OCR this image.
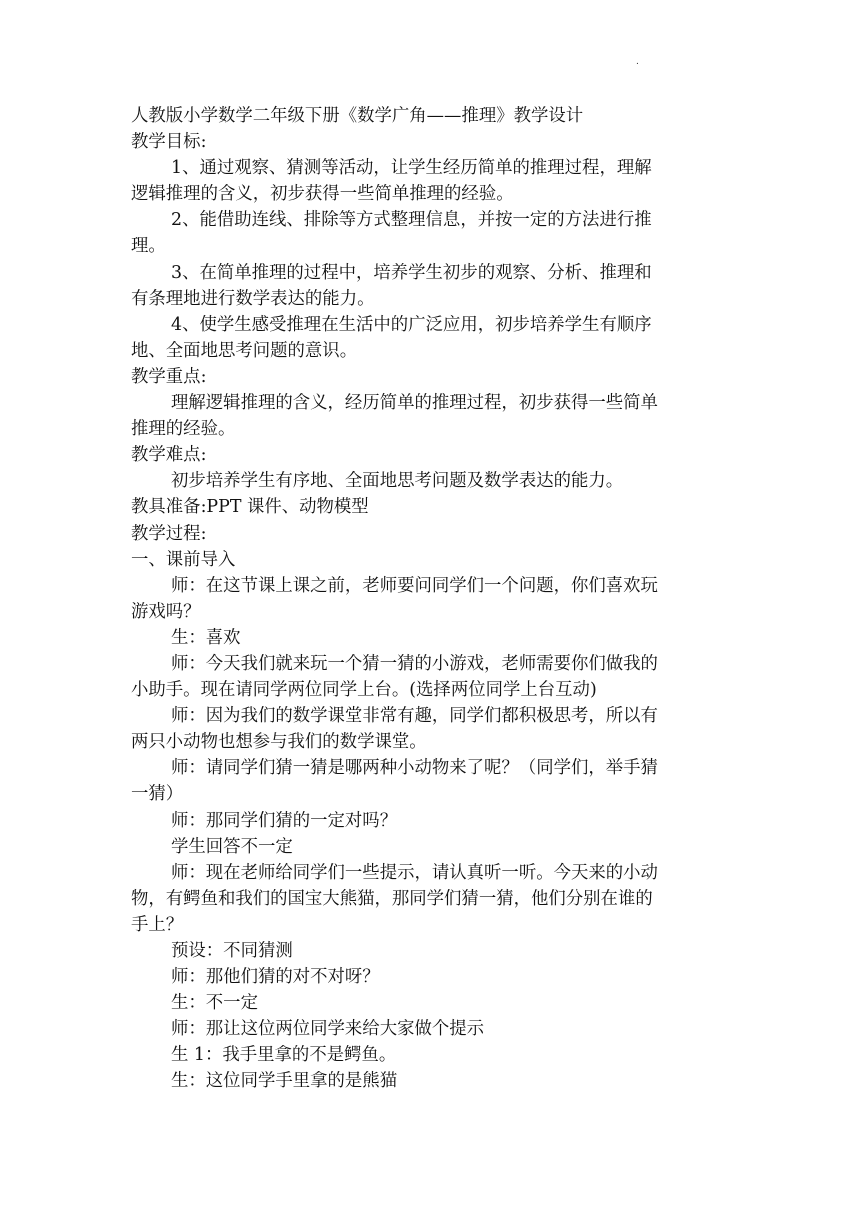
.
人教版小学数学二年级下册《数学广角——推理》教学设计
教学目标:
1、通过观察、猜测等活动，让学生经历简单的推理过程，理解
逻辑推理的含义，初步获得一些简单推理的经验。
2、能借助连线、排除等方式整理信息，并按一定的方法进行推
理。
3、在简单推理的过程中，培养学生初步的观察、分析、推理和
有条理地进行数学表达的能力。
4、使学生感受推理在生活中的广泛应用，初步培养学生有顺序
地、全面地思考问题的意识。
教学重点:
理解逻辑推理的含义，经历简单的推理过程，初步获得一些简单
推理的经验。
教学难点:
初步培养学生有序地、全面地思考问题及数学表达的能力。
教具准备:PPT 课件、动物模型
教学过程:
一、课前导入
师：在这节课上课之前，老师要问同学们一个问题，你们喜欢玩
游戏吗？
生：喜欢
师：今天我们就来玩一个猜一猜的小游戏，老师需要你们做我的
小助手。现在请同学两位同学上台。(选择两位同学上台互动)
师：因为我们的数学课堂非常有趣，同学们都积极思考，所以有
两只小动物也想参与我们的数学课堂。
师：请同学们猜一猜是哪两种小动物来了呢？（同学们，举手猜
一猜）
师：那同学们猜的一定对吗？
学生回答不一定
师：现在老师给同学们一些提示，请认真听一听。今天来的小动
物，有鳄鱼和我们的国宝大熊猫，那同学们猜一猜，他们分别在谁的
手上？
预设：不同猜测
师：那他们猜的对不对呀？
生：不一定
师：那让这位两位同学来给大家做个提示
生 1：我手里拿的不是鳄鱼。
生：这位同学手里拿的是熊猫
